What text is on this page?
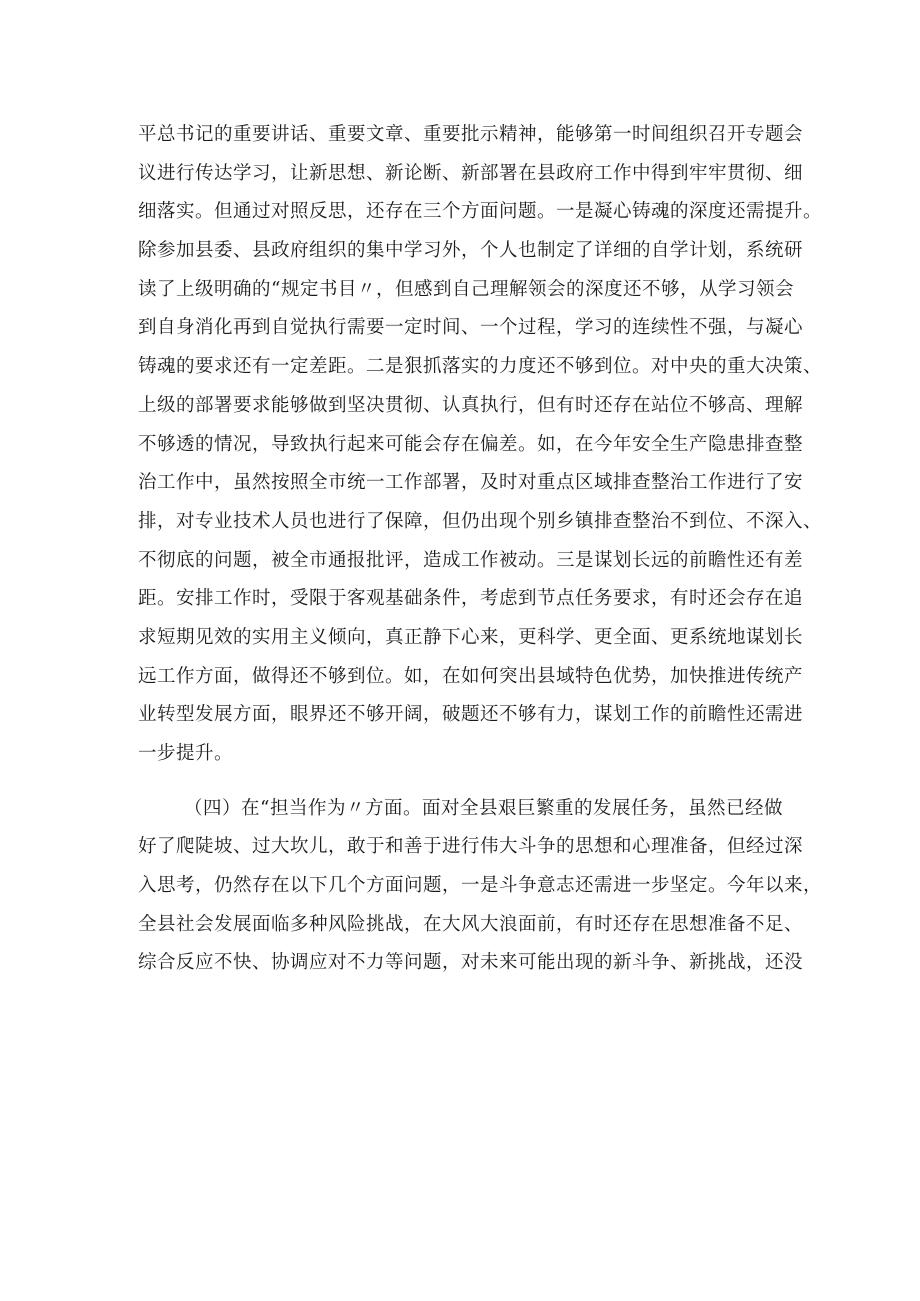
平总书记的重要讲话、重要文章、重要批示精神，能够第一时间组织召开专题会
议进行传达学习，让新思想、新论断、新部署在县政府工作中得到牢牢贯彻、细
细落实。但通过对照反思，还存在三个方面问题。一是凝心铸魂的深度还需提升。
除参加县委、县政府组织的集中学习外，个人也制定了详细的自学计划，系统研
读了上级明确的“规定书目〃，但感到自己理解领会的深度还不够，从学习领会
到自身消化再到自觉执行需要一定时间、一个过程，学习的连续性不强，与凝心
铸魂的要求还有一定差距。二是狠抓落实的力度还不够到位。对中央的重大决策、
上级的部署要求能够做到坚决贯彻、认真执行，但有时还存在站位不够高、理解
不够透的情况，导致执行起来可能会存在偏差。如，在今年安全生产隐患排查整
治工作中，虽然按照全市统一工作部署，及时对重点区域排查整治工作进行了安
排，对专业技术人员也进行了保障，但仍出现个别乡镇排查整治不到位、不深入、
不彻底的问题，被全市通报批评，造成工作被动。三是谋划长远的前瞻性还有差
距。安排工作时，受限于客观基础条件，考虑到节点任务要求，有时还会存在追
求短期见效的实用主义倾向，真正静下心来，更科学、更全面、更系统地谋划长
远工作方面，做得还不够到位。如，在如何突出县域特色优势，加快推进传统产
业转型发展方面，眼界还不够开阔，破题还不够有力，谋划工作的前瞻性还需进
一步提升。
（四）在“担当作为〃方面。面对全县艰巨繁重的发展任务，虽然已经做
好了爬陡坡、过大坎儿，敢于和善于进行伟大斗争的思想和心理准备，但经过深
入思考，仍然存在以下几个方面问题，一是斗争意志还需进一步坚定。今年以来，
全县社会发展面临多种风险挑战，在大风大浪面前，有时还存在思想准备不足、
综合反应不快、协调应对不力等问题，对未来可能出现的新斗争、新挑战，还没
